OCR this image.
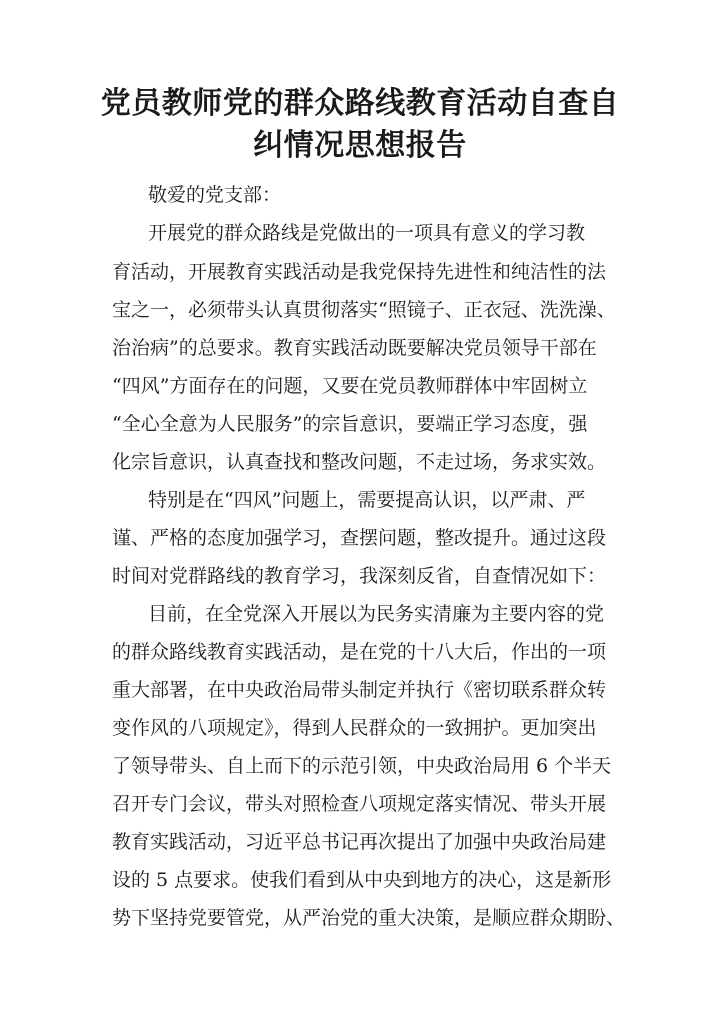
党员教师党的群众路线教育活动自查自
纠情况思想报告

敬爱的党支部：

开展党的群众路线是党做出的一项具有意义的学习教

育活动，开展教育实践活动是我党保持先进性和纯洁性的法

宝之一，必须带头认真贯彻落实“照镜子、正衣冠、洗洗澡、

治治病”的总要求。教育实践活动既要解决党员领导干部在

“四风”方面存在的问题，又要在党员教师群体中牢固树立

“全心全意为人民服务”的宗旨意识，要端正学习态度，强

化宗旨意识，认真查找和整改问题，不走过场，务求实效。

特别是在“四风”问题上，需要提高认识，以严肃、严

谨、严格的态度加强学习，查摆问题，整改提升。通过这段

时间对党群路线的教育学习，我深刻反省，自查情况如下：

目前，在全党深入开展以为民务实清廉为主要内容的党

的群众路线教育实践活动，是在党的十八大后，作出的一项

重大部署，在中央政治局带头制定并执行《密切联系群众转

变作风的八项规定》，得到人民群众的一致拥护。更加突出

了领导带头、自上而下的示范引领，中央政治局用 6 个半天

召开专门会议，带头对照检查八项规定落实情况、带头开展

教育实践活动，习近平总书记再次提出了加强中央政治局建

设的 5 点要求。使我们看到从中央到地方的决心，这是新形

势下坚持党要管党，从严治党的重大决策，是顺应群众期盼、
